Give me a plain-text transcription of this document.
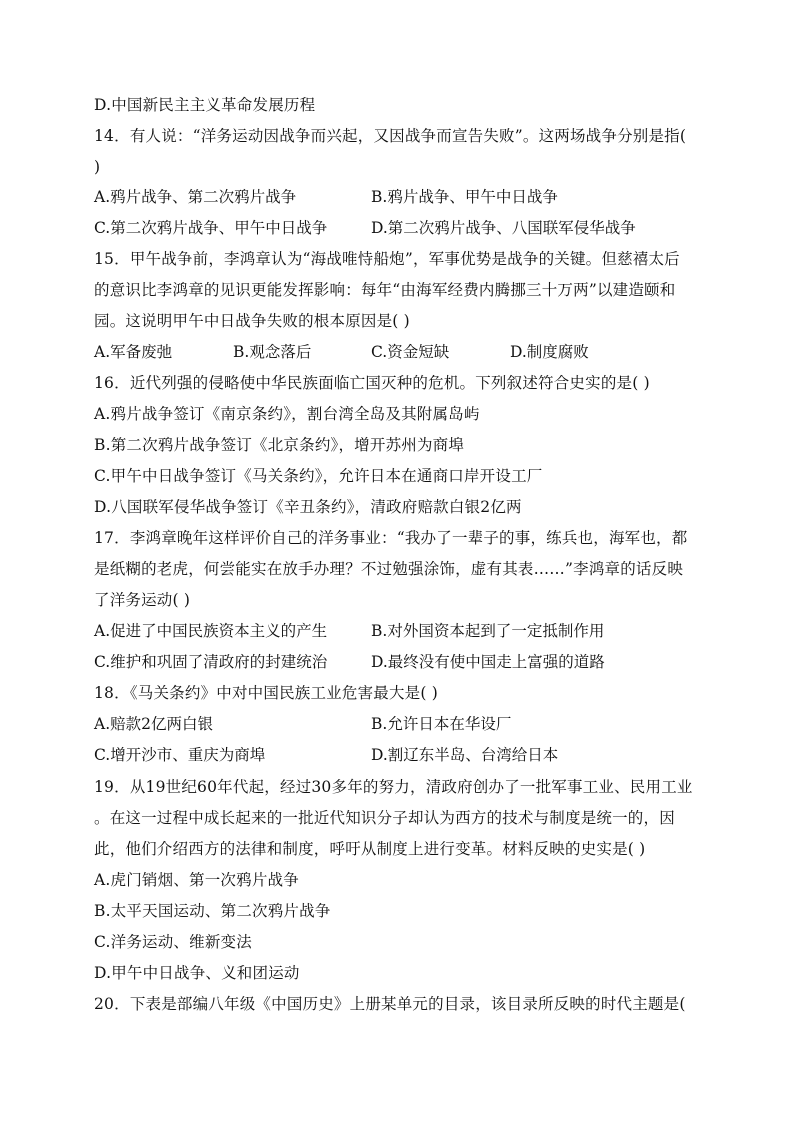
D.中国新民主主义革命发展历程
14．有人说：“洋务运动因战争而兴起，又因战争而宣告失败”。这两场战争分别是指(
)
A.鸦片战争、第二次鸦片战争	B.鸦片战争、甲午中日战争
C.第二次鸦片战争、甲午中日战争	D.第二次鸦片战争、八国联军侵华战争
15．甲午战争前，李鸿章认为“海战唯恃船炮”，军事优势是战争的关键。但慈禧太后
的意识比李鸿章的见识更能发挥影响：每年“由海军经费内腾挪三十万两”以建造颐和
园。这说明甲午中日战争失败的根本原因是( )
A.军备废弛	B.观念落后	C.资金短缺	D.制度腐败
16．近代列强的侵略使中华民族面临亡国灭种的危机。下列叙述符合史实的是( )
A.鸦片战争签订《南京条约》，割台湾全岛及其附属岛屿
B.第二次鸦片战争签订《北京条约》，增开苏州为商埠
C.甲午中日战争签订《马关条约》，允许日本在通商口岸开设工厂
D.八国联军侵华战争签订《辛丑条约》，清政府赔款白银2亿两
17．李鸿章晚年这样评价自己的洋务事业：“我办了一辈子的事，练兵也，海军也，都
是纸糊的老虎，何尝能实在放手办理？不过勉强涂饰，虚有其表……”李鸿章的话反映
了洋务运动( )
A.促进了中国民族资本主义的产生	B.对外国资本起到了一定抵制作用
C.维护和巩固了清政府的封建统治	D.最终没有使中国走上富强的道路
18．《马关条约》中对中国民族工业危害最大是( )
A.赔款2亿两白银	B.允许日本在华设厂
C.增开沙市、重庆为商埠	D.割辽东半岛、台湾给日本
19．从19世纪60年代起，经过30多年的努力，清政府创办了一批军事工业、民用工业
。在这一过程中成长起来的一批近代知识分子却认为西方的技术与制度是统一的，因
此，他们介绍西方的法律和制度，呼吁从制度上进行变革。材料反映的史实是( )
A.虎门销烟、第一次鸦片战争
B.太平天国运动、第二次鸦片战争
C.洋务运动、维新变法
D.甲午中日战争、义和团运动
20．下表是部编八年级《中国历史》上册某单元的目录，该目录所反映的时代主题是(
